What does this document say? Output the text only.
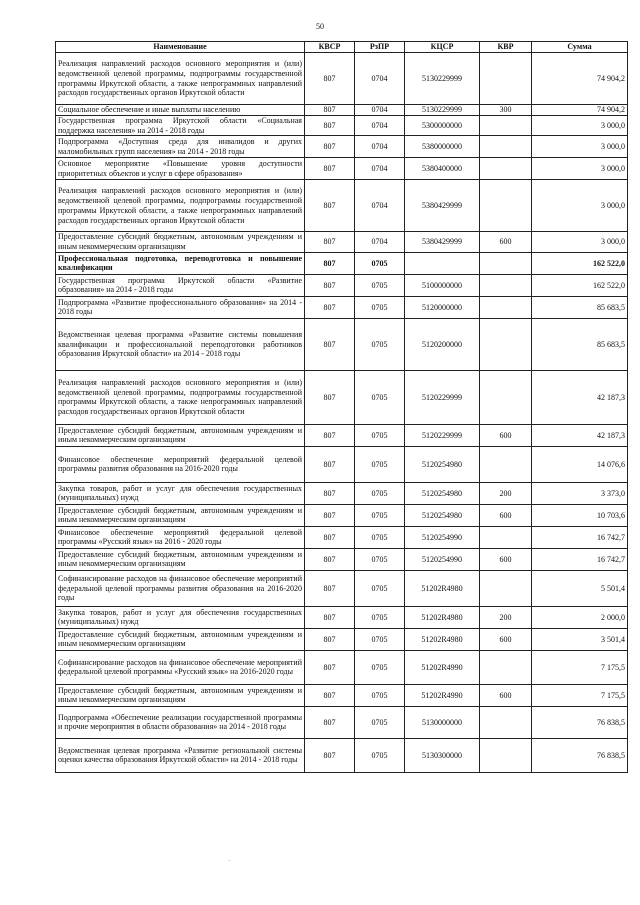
50
Наименование	КВСР	РзПР	КЦСР	КВР	Сумма
Реализация направлений расходов основного мероприятия и (или) ведомственной целевой программы, подпрограммы государственной программы Иркутской области, а также непрограммных направлений расходов государственных органов Иркутской области	807	0704	5130229999		74 904,2
Социальное обеспечение и иные выплаты населению	807	0704	5130229999	300	74 904,2
Государственная программа Иркутской области «Социальная поддержка населения» на 2014 - 2018 годы	807	0704	5300000000		3 000,0
Подпрограмма «Доступная среда для инвалидов и других маломобильных групп населения» на 2014 - 2018 годы	807	0704	5380000000		3 000,0
Основное мероприятие «Повышение уровня доступности приоритетных объектов и услуг в сфере образования»	807	0704	5380400000		3 000,0
Реализация направлений расходов основного мероприятия и (или) ведомственной целевой программы, подпрограммы государственной программы Иркутской области, а также непрограммных направлений расходов государственных органов Иркутской области	807	0704	5380429999		3 000,0
Предоставление субсидий бюджетным, автономным учреждениям и иным некоммерческим организациям	807	0704	5380429999	600	3 000,0
Профессиональная подготовка, переподготовка и повышение квалификации	807	0705			162 522,0
Государственная программа Иркутской области «Развитие образования» на 2014 - 2018 годы	807	0705	5100000000		162 522,0
Подпрограмма «Развитие профессионального образования» на 2014 - 2018 годы	807	0705	5120000000		85 683,5
Ведомственная целевая программа «Развитие системы повышения квалификации и профессиональной переподготовки работников образования Иркутской области» на 2014 - 2018 годы	807	0705	5120200000		85 683,5
Реализация направлений расходов основного мероприятия и (или) ведомственной целевой программы, подпрограммы государственной программы Иркутской области, а также непрограммных направлений расходов государственных органов Иркутской области	807	0705	5120229999		42 187,3
Предоставление субсидий бюджетным, автономным учреждениям и иным некоммерческим организациям	807	0705	5120229999	600	42 187,3
Финансовое обеспечение мероприятий федеральной целевой программы развития образования на 2016-2020 годы	807	0705	5120254980		14 076,6
Закупка товаров, работ и услуг для обеспечения государственных (муниципальных) нужд	807	0705	5120254980	200	3 373,0
Предоставление субсидий бюджетным, автономным учреждениям и иным некоммерческим организациям	807	0705	5120254980	600	10 703,6
Финансовое обеспечение мероприятий федеральной целевой программы «Русский язык» на 2016 - 2020 годы	807	0705	5120254990		16 742,7
Предоставление субсидий бюджетным, автономным учреждениям и иным некоммерческим организациям	807	0705	5120254990	600	16 742,7
Софинансирование расходов на финансовое обеспечение мероприятий федеральной целевой программы развития образования на 2016-2020 годы	807	0705	51202R4980		5 501,4
Закупка товаров, работ и услуг для обеспечения государственных (муниципальных) нужд	807	0705	51202R4980	200	2 000,0
Предоставление субсидий бюджетным, автономным учреждениям и иным некоммерческим организациям	807	0705	51202R4980	600	3 501,4
Софинансирование расходов на финансовое обеспечение мероприятий федеральной целевой программы «Русский язык» на 2016-2020 годы	807	0705	51202R4990		7 175,5
Предоставление субсидий бюджетным, автономным учреждениям и иным некоммерческим организациям	807	0705	51202R4990	600	7 175,5
Подпрограмма «Обеспечение реализации государственной программы и прочие мероприятия в области образования» на 2014 - 2018 годы	807	0705	5130000000		76 838,5
Ведомственная целевая программа «Развитие региональной системы оценки качества образования Иркутской области» на 2014 - 2018 годы	807	0705	5130300000		76 838,5
·
